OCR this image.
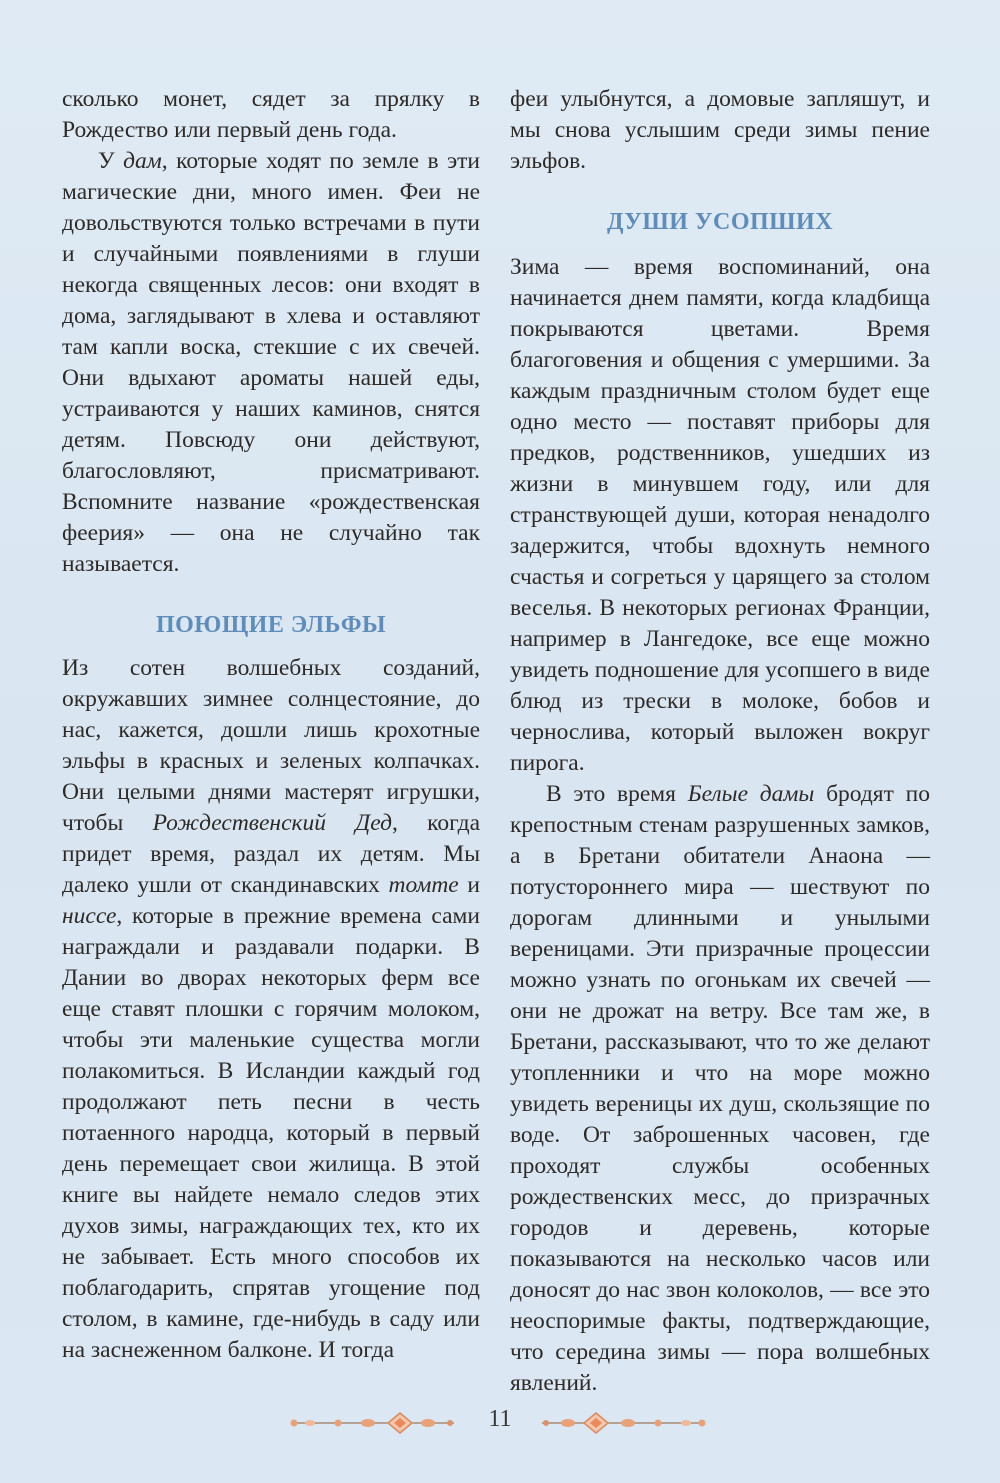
сколько монет, сядет за прялку в Рождество или первый день года.

У дам, которые ходят по земле в эти магические дни, много имен. Феи не довольствуются только встречами в пути и случайными появлениями в глуши некогда священных лесов: они входят в дома, заглядывают в хлева и оставляют там капли воска, стекшие с их свечей. Они вдыхают ароматы нашей еды, устраиваются у наших каминов, снятся детям. Повсюду они действуют, благословляют, присматривают. Вспомните название «рождественская феерия» — она не случайно так называется.

ПОЮЩИЕ ЭЛЬФЫ

Из сотен волшебных созданий, окружавших зимнее солнцестояние, до нас, кажется, дошли лишь крохотные эльфы в красных и зеленых колпачках. Они целыми днями мастерят игрушки, чтобы Рождественский Дед, когда придет время, раздал их детям. Мы далеко ушли от скандинавских томте и ниссе, которые в прежние времена сами награждали и раздавали подарки. В Дании во дворах некоторых ферм все еще ставят плошки с горячим молоком, чтобы эти маленькие существа могли полакомиться. В Исландии каждый год продолжают петь песни в честь потаенного народца, который в первый день перемещает свои жилища. В этой книге вы найдете немало следов этих духов зимы, награждающих тех, кто их не забывает. Есть много способов их поблагодарить, спрятав угощение под столом, в камине, где-нибудь в саду или на заснеженном балконе. И тогда

феи улыбнутся, а домовые запляшут, и мы снова услышим среди зимы пение эльфов.

ДУШИ УСОПШИХ

Зима — время воспоминаний, она начинается днем памяти, когда кладбища покрываются цветами. Время благоговения и общения с умершими. За каждым праздничным столом будет еще одно место — поставят приборы для предков, родственников, ушедших из жизни в минувшем году, или для странствующей души, которая ненадолго задержится, чтобы вдохнуть немного счастья и согреться у царящего за столом веселья. В некоторых регионах Франции, например в Лангедоке, все еще можно увидеть подношение для усопшего в виде блюд из трески в молоке, бобов и чернослива, который выложен вокруг пирога.

В это время Белые дамы бродят по крепостным стенам разрушенных замков, а в Бретани обитатели Анаона — потустороннего мира — шествуют по дорогам длинными и унылыми вереницами. Эти призрачные процессии можно узнать по огонькам их свечей — они не дрожат на ветру. Все там же, в Бретани, рассказывают, что то же делают утопленники и что на море можно увидеть вереницы их душ, скользящие по воде. От заброшенных часовен, где проходят службы особенных рождественских месс, до призрачных городов и деревень, которые показываются на несколько часов или доносят до нас звон колоколов, — все это неоспоримые факты, подтверждающие, что середина зимы — пора волшебных явлений.

11
